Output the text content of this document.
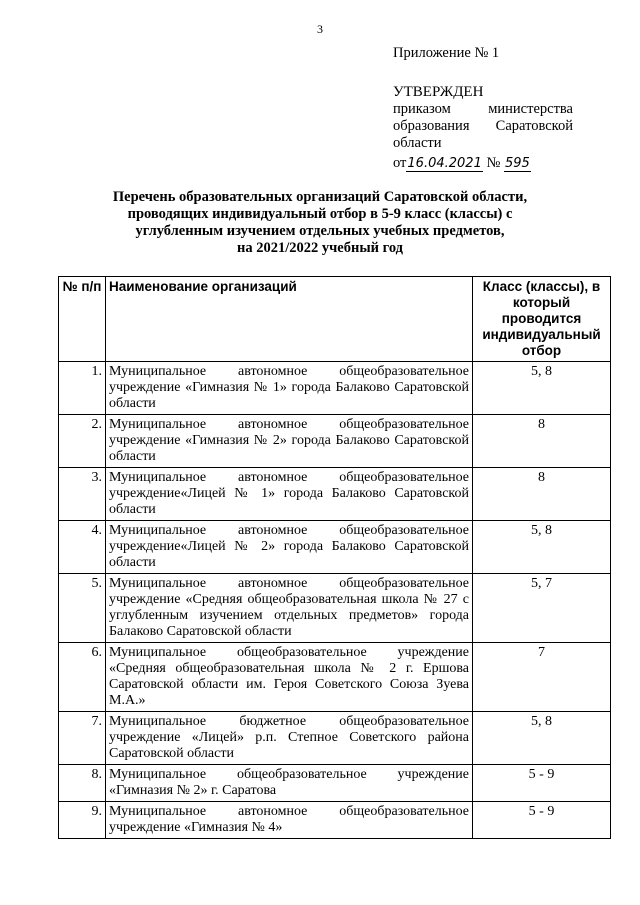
3
Приложение № 1
УТВЕРЖДЕН
приказом министерства
образования Саратовской
области
от16.04.2021 № 595
Перечень образовательных организаций Саратовской области,
проводящих индивидуальный отбор в 5-9 класс (классы) с
углубленным изучением отдельных учебных предметов,
на 2021/2022 учебный год
№ п/п	Наименование организаций	Класс (классы), в который проводится индивидуальный отбор
1.	Муниципальное автономное общеобразовательное учреждение «Гимназия № 1» города Балаково Саратовской области	5, 8
2.	Муниципальное автономное общеобразовательное учреждение «Гимназия № 2» города Балаково Саратовской области	8
3.	Муниципальное автономное общеобразовательное учреждение«Лицей № 1» города Балаково Саратовской области	8
4.	Муниципальное автономное общеобразовательное учреждение«Лицей № 2» города Балаково Саратовской области	5, 8
5.	Муниципальное автономное общеобразовательное учреждение «Средняя общеобразовательная школа № 27 с углубленным изучением отдельных предметов» города Балаково Саратовской области	5, 7
6.	Муниципальное общеобразовательное учреждение «Средняя общеобразовательная школа № 2 г. Ершова Саратовской области им. Героя Советского Союза Зуева М.А.»	7
7.	Муниципальное бюджетное общеобразовательное учреждение «Лицей» р.п. Степное Советского района Саратовской области	5, 8
8.	Муниципальное общеобразовательное учреждение «Гимназия № 2» г. Саратова	5 - 9
9.	Муниципальное автономное общеобразовательное учреждение «Гимназия № 4»	5 - 9
